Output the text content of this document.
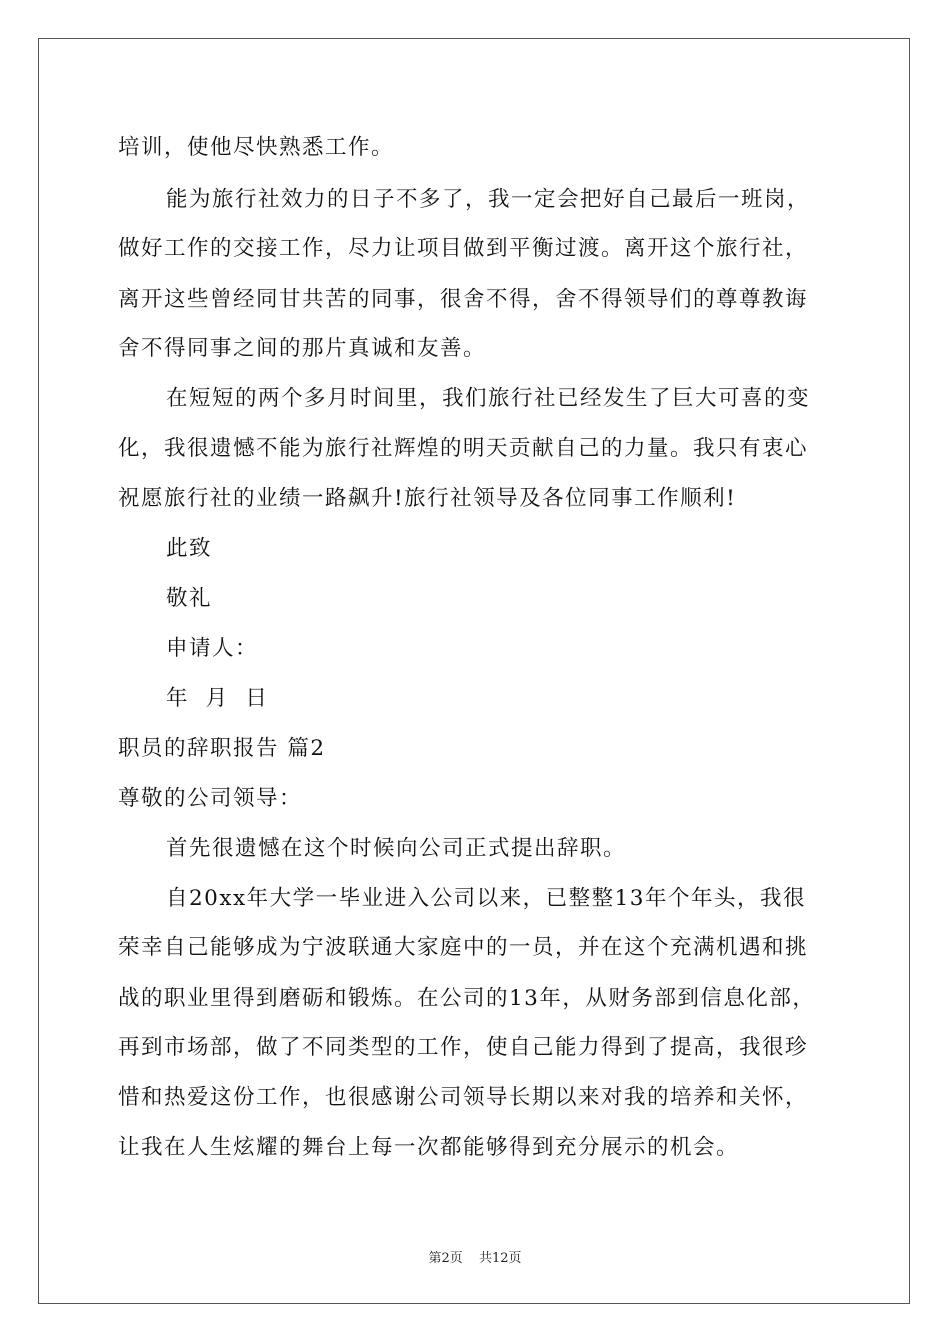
培训，使他尽快熟悉工作。
能为旅行社效力的日子不多了，我一定会把好自己最后一班岗，
做好工作的交接工作，尽力让项目做到平衡过渡。离开这个旅行社，
离开这些曾经同甘共苦的同事，很舍不得，舍不得领导们的尊尊教诲
舍不得同事之间的那片真诚和友善。
在短短的两个多月时间里，我们旅行社已经发生了巨大可喜的变
化，我很遗憾不能为旅行社辉煌的明天贡献自己的力量。我只有衷心
祝愿旅行社的业绩一路飙升!旅行社领导及各位同事工作顺利!
此致
敬礼
申请人：
年  月  日
职员的辞职报告 篇2
尊敬的公司领导：
首先很遗憾在这个时候向公司正式提出辞职。
自20xx年大学一毕业进入公司以来，已整整13年个年头，我很
荣幸自己能够成为宁波联通大家庭中的一员，并在这个充满机遇和挑
战的职业里得到磨砺和锻炼。在公司的13年，从财务部到信息化部，
再到市场部，做了不同类型的工作，使自己能力得到了提高，我很珍
惜和热爱这份工作，也很感谢公司领导长期以来对我的培养和关怀，
让我在人生炫耀的舞台上每一次都能够得到充分展示的机会。
第2页 共12页
